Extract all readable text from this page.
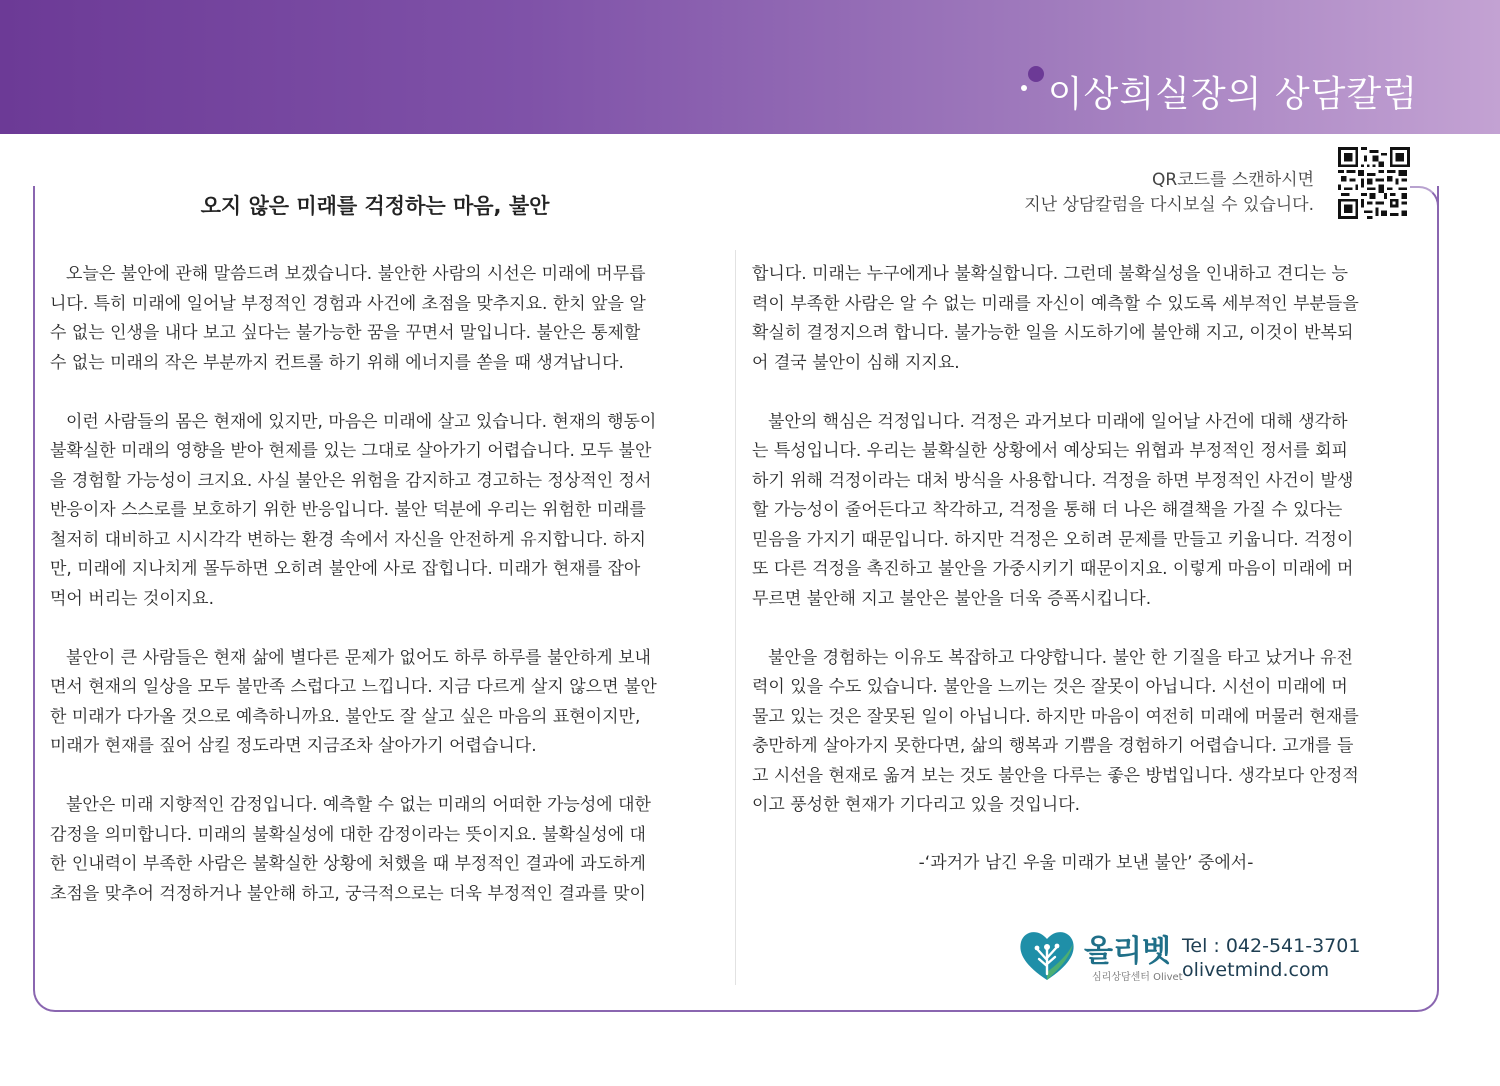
이상희실장의 상담칼럼
오지 않은 미래를 걱정하는 마음, 불안
QR코드를 스캔하시면
지난 상담칼럼을 다시보실 수 있습니다.

오늘은 불안에 관해 말씀드려 보겠습니다. 불안한 사람의 시선은 미래에 머무릅
니다. 특히 미래에 일어날 부정적인 경험과 사건에 초점을 맞추지요. 한치 앞을 알
수 없는 인생을 내다 보고 싶다는 불가능한 꿈을 꾸면서 말입니다. 불안은 통제할
수 없는 미래의 작은 부분까지 컨트롤 하기 위해 에너지를 쏟을 때 생겨납니다.

이런 사람들의 몸은 현재에 있지만, 마음은 미래에 살고 있습니다. 현재의 행동이
불확실한 미래의 영향을 받아 현제를 있는 그대로 살아가기 어렵습니다. 모두 불안
을 경험할 가능성이 크지요. 사실 불안은 위험을 감지하고 경고하는 정상적인 정서
반응이자 스스로를 보호하기 위한 반응입니다. 불안 덕분에 우리는 위험한 미래를
철저히 대비하고 시시각각 변하는 환경 속에서 자신을 안전하게 유지합니다. 하지
만, 미래에 지나치게 몰두하면 오히려 불안에 사로 잡힙니다. 미래가 현재를 잡아
먹어 버리는 것이지요.

불안이 큰 사람들은 현재 삶에 별다른 문제가 없어도 하루 하루를 불안하게 보내
면서 현재의 일상을 모두 불만족 스럽다고 느낍니다. 지금 다르게 살지 않으면 불안
한 미래가 다가올 것으로 예측하니까요. 불안도 잘 살고 싶은 마음의 표현이지만,
미래가 현재를 짚어 삼킬 정도라면 지금조차 살아가기 어렵습니다.

불안은 미래 지향적인 감정입니다. 예측할 수 없는 미래의 어떠한 가능성에 대한
감정을 의미합니다. 미래의 불확실성에 대한 감정이라는 뜻이지요. 불확실성에 대
한 인내력이 부족한 사람은 불확실한 상황에 처했을 때 부정적인 결과에 과도하게
초점을 맞추어 걱정하거나 불안해 하고, 궁극적으로는 더욱 부정적인 결과를 맞이

합니다. 미래는 누구에게나 불확실합니다. 그런데 불확실성을 인내하고 견디는 능
력이 부족한 사람은 알 수 없는 미래를 자신이 예측할 수 있도록 세부적인 부분들을
확실히 결정지으려 합니다. 불가능한 일을 시도하기에 불안해 지고, 이것이 반복되
어 결국 불안이 심해 지지요.

불안의 핵심은 걱정입니다. 걱정은 과거보다 미래에 일어날 사건에 대해 생각하
는 특성입니다. 우리는 불확실한 상황에서 예상되는 위협과 부정적인 정서를 회피
하기 위해 걱정이라는 대처 방식을 사용합니다. 걱정을 하면 부정적인 사건이 발생
할 가능성이 줄어든다고 착각하고, 걱정을 통해 더 나은 해결책을 가질 수 있다는
믿음을 가지기 때문입니다. 하지만 걱정은 오히려 문제를 만들고 키웁니다. 걱정이
또 다른 걱정을 촉진하고 불안을 가중시키기 때문이지요. 이렇게 마음이 미래에 머
무르면 불안해 지고 불안은 불안을 더욱 증폭시킵니다.

불안을 경험하는 이유도 복잡하고 다양합니다. 불안 한 기질을 타고 났거나 유전
력이 있을 수도 있습니다. 불안을 느끼는 것은 잘못이 아닙니다. 시선이 미래에 머
물고 있는 것은 잘못된 일이 아닙니다. 하지만 마음이 여전히 미래에 머물러 현재를
충만하게 살아가지 못한다면, 삶의 행복과 기쁨을 경험하기 어렵습니다. 고개를 들
고 시선을 현재로 옮겨 보는 것도 불안을 다루는 좋은 방법입니다. 생각보다 안정적
이고 풍성한 현재가 기다리고 있을 것입니다.

-‘과거가 남긴 우울 미래가 보낸 불안’ 중에서-
올리벳
심리상담센터 Olivet
Tel : 042-541-3701
olivetmind.com
